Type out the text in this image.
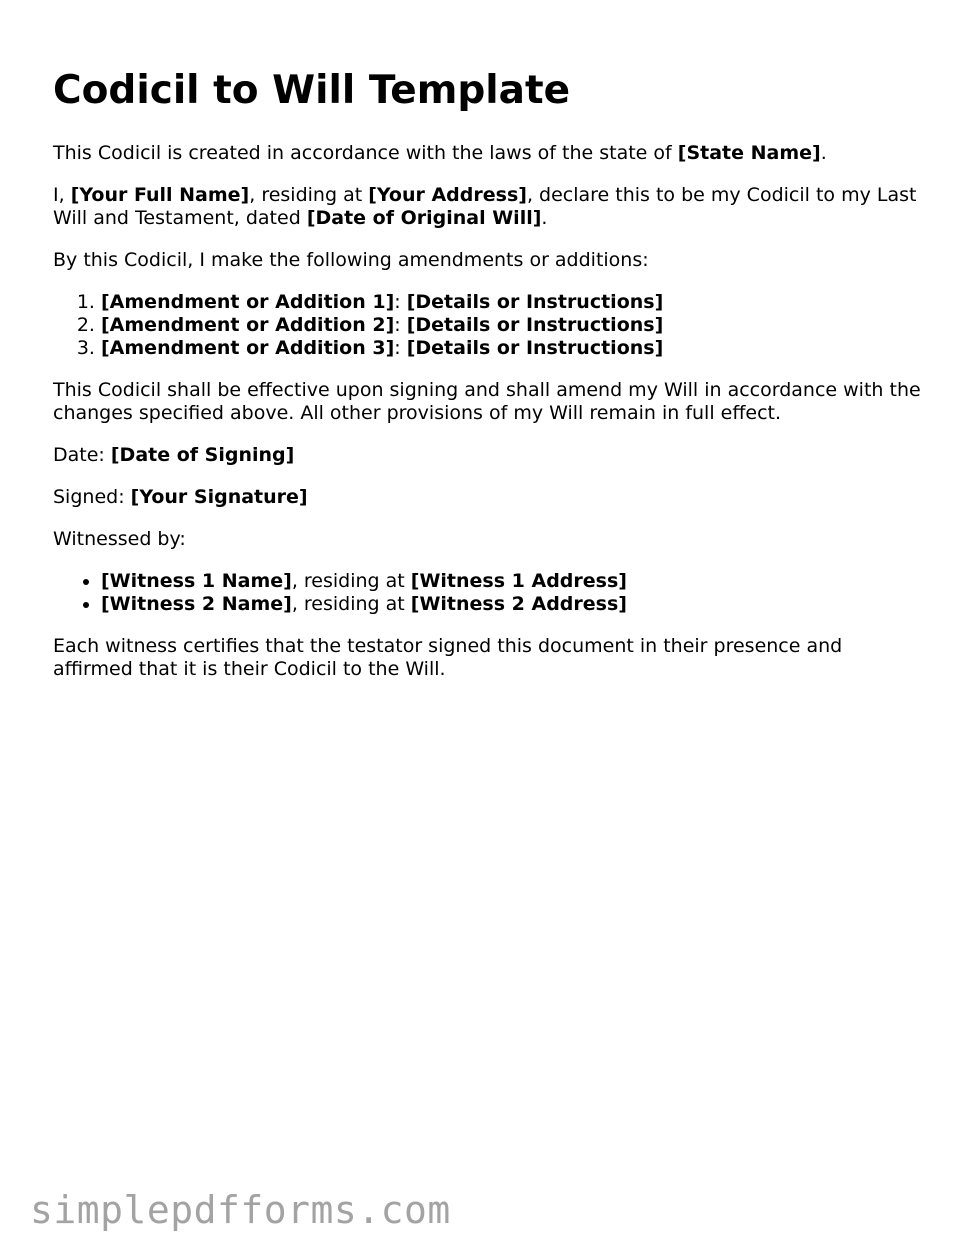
Codicil to Will Template

This Codicil is created in accordance with the laws of the state of [State Name].

I, [Your Full Name], residing at [Your Address], declare this to be my Codicil to my Last Will and Testament, dated [Date of Original Will].

By this Codicil, I make the following amendments or additions:

1. [Amendment or Addition 1]: [Details or Instructions]
2. [Amendment or Addition 2]: [Details or Instructions]
3. [Amendment or Addition 3]: [Details or Instructions]

This Codicil shall be effective upon signing and shall amend my Will in accordance with the changes specified above. All other provisions of my Will remain in full effect.

Date: [Date of Signing]

Signed: [Your Signature]

Witnessed by:

• [Witness 1 Name], residing at [Witness 1 Address]
• [Witness 2 Name], residing at [Witness 2 Address]

Each witness certifies that the testator signed this document in their presence and affirmed that it is their Codicil to the Will.

simplepdfforms.com
